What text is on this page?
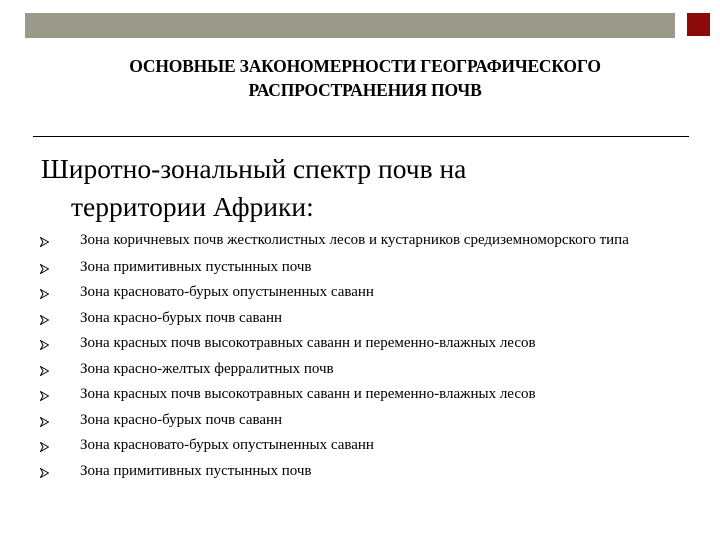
ОСНОВНЫЕ ЗАКОНОМЕРНОСТИ ГЕОГРАФИЧЕСКОГО
РАСПРОСТРАНЕНИЯ ПОЧВ
Широтно-зональный спектр почв на
территории Африки:
Зона коричневых почв жестколистных лесов и кустарников средиземноморского типа
Зона примитивных пустынных почв
Зона красновато-бурых опустыненных саванн
Зона красно-бурых почв саванн
Зона красных почв высокотравных саванн и переменно-влажных лесов
Зона красно-желтых ферралитных почв
Зона красных почв высокотравных саванн и переменно-влажных лесов
Зона красно-бурых почв саванн
Зона красновато-бурых опустыненных саванн
Зона примитивных пустынных почв
